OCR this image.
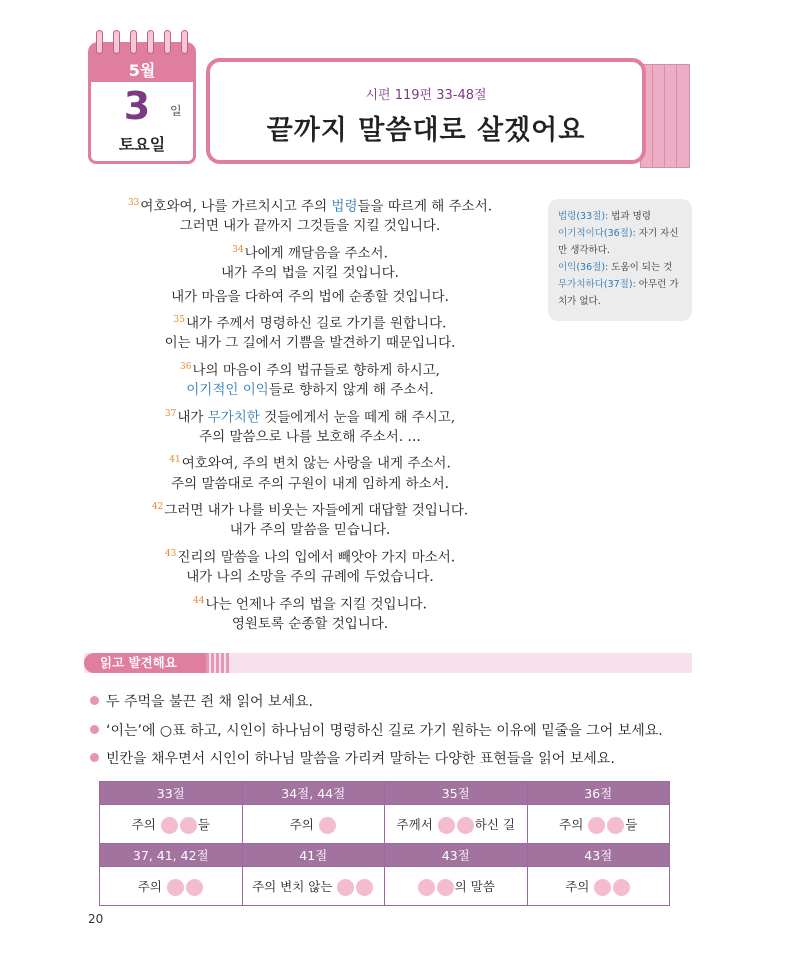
5월
3	일
토요일
시편 119편 33-48절
끝까지 말씀대로 살겠어요
$^{33}$여호와여, 나를 가르치시고 주의 법령들을 따르게 해 주소서.
그러면 내가 끝까지 그것들을 지킬 것입니다.
$^{34}$나에게 깨달음을 주소서.
내가 주의 법을 지킬 것입니다.
내가 마음을 다하여 주의 법에 순종할 것입니다.
$^{35}$내가 주께서 명령하신 길로 가기를 원합니다.
이는 내가 그 길에서 기쁨을 발견하기 때문입니다.
$^{36}$나의 마음이 주의 법규들로 향하게 하시고,
이기적인 이익들로 향하지 않게 해 주소서.
$^{37}$내가 무가치한 것들에게서 눈을 떼게 해 주시고,
주의 말씀으로 나를 보호해 주소서. …
$^{41}$여호와여, 주의 변치 않는 사랑을 내게 주소서.
주의 말씀대로 주의 구원이 내게 임하게 하소서.
$^{42}$그러면 내가 나를 비웃는 자들에게 대답할 것입니다.
내가 주의 말씀을 믿습니다.
$^{43}$진리의 말씀을 나의 입에서 빼앗아 가지 마소서.
내가 나의 소망을 주의 규례에 두었습니다.
$^{44}$나는 언제나 주의 법을 지킬 것입니다.
영원토록 순종할 것입니다.
법령(33절): 법과 명령
이기적이다(36절): 자기 자신만 생각하다.
이익(36절): 도움이 되는 것
무가치하다(37절): 아무런 가치가 없다.
읽고 발견해요
두 주먹을 불끈 쥔 채 읽어 보세요.
‘이는’에 ○표 하고, 시인이 하나님이 명령하신 길로 가기 원하는 이유에 밑줄을 그어 보세요.
빈칸을 채우면서 시인이 하나님 말씀을 가리켜 말하는 다양한 표현들을 읽어 보세요.
33절	34절, 44절	35절	36절
주의 들	주의	주께서 하신 길	주의 들
37, 41, 42절	41절	43절	43절
주의	주의 변치 않는	의 말씀	주의
20
